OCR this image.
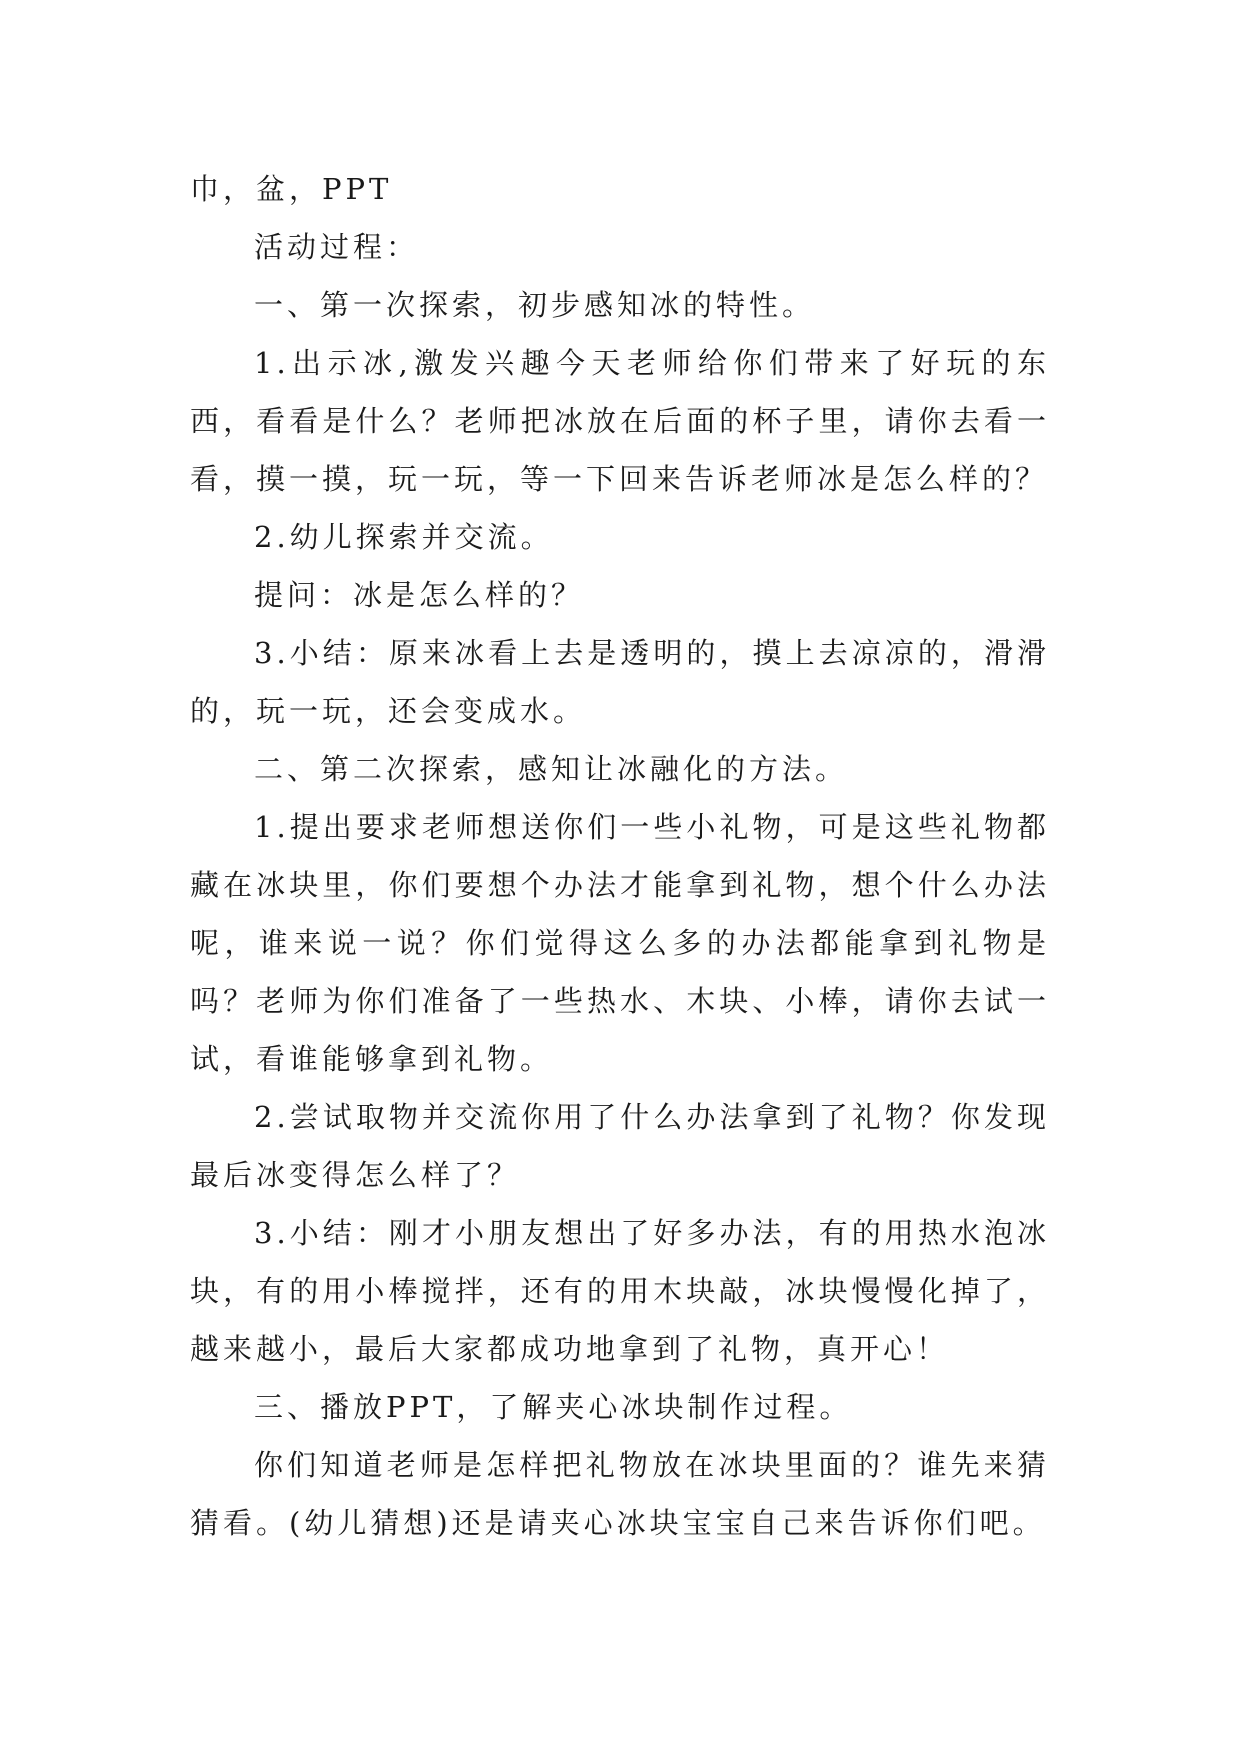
巾，盆，PPT

活动过程：

一、第一次探索，初步感知冰的特性。

1.出示冰,激发兴趣今天老师给你们带来了好玩的东西，看看是什么？老师把冰放在后面的杯子里，请你去看一看，摸一摸，玩一玩，等一下回来告诉老师冰是怎么样的？

2.幼儿探索并交流。

提问：冰是怎么样的？

3.小结：原来冰看上去是透明的，摸上去凉凉的，滑滑的，玩一玩，还会变成水。

二、第二次探索，感知让冰融化的方法。

1.提出要求老师想送你们一些小礼物，可是这些礼物都藏在冰块里，你们要想个办法才能拿到礼物，想个什么办法呢，谁来说一说？你们觉得这么多的办法都能拿到礼物是吗？老师为你们准备了一些热水、木块、小棒，请你去试一试，看谁能够拿到礼物。

2.尝试取物并交流你用了什么办法拿到了礼物？你发现最后冰变得怎么样了？

3.小结：刚才小朋友想出了好多办法，有的用热水泡冰块，有的用小棒搅拌，还有的用木块敲，冰块慢慢化掉了，越来越小，最后大家都成功地拿到了礼物，真开心！

三、播放PPT，了解夹心冰块制作过程。

你们知道老师是怎样把礼物放在冰块里面的？谁先来猜猜看。(幼儿猜想)还是请夹心冰块宝宝自己来告诉你们吧。
